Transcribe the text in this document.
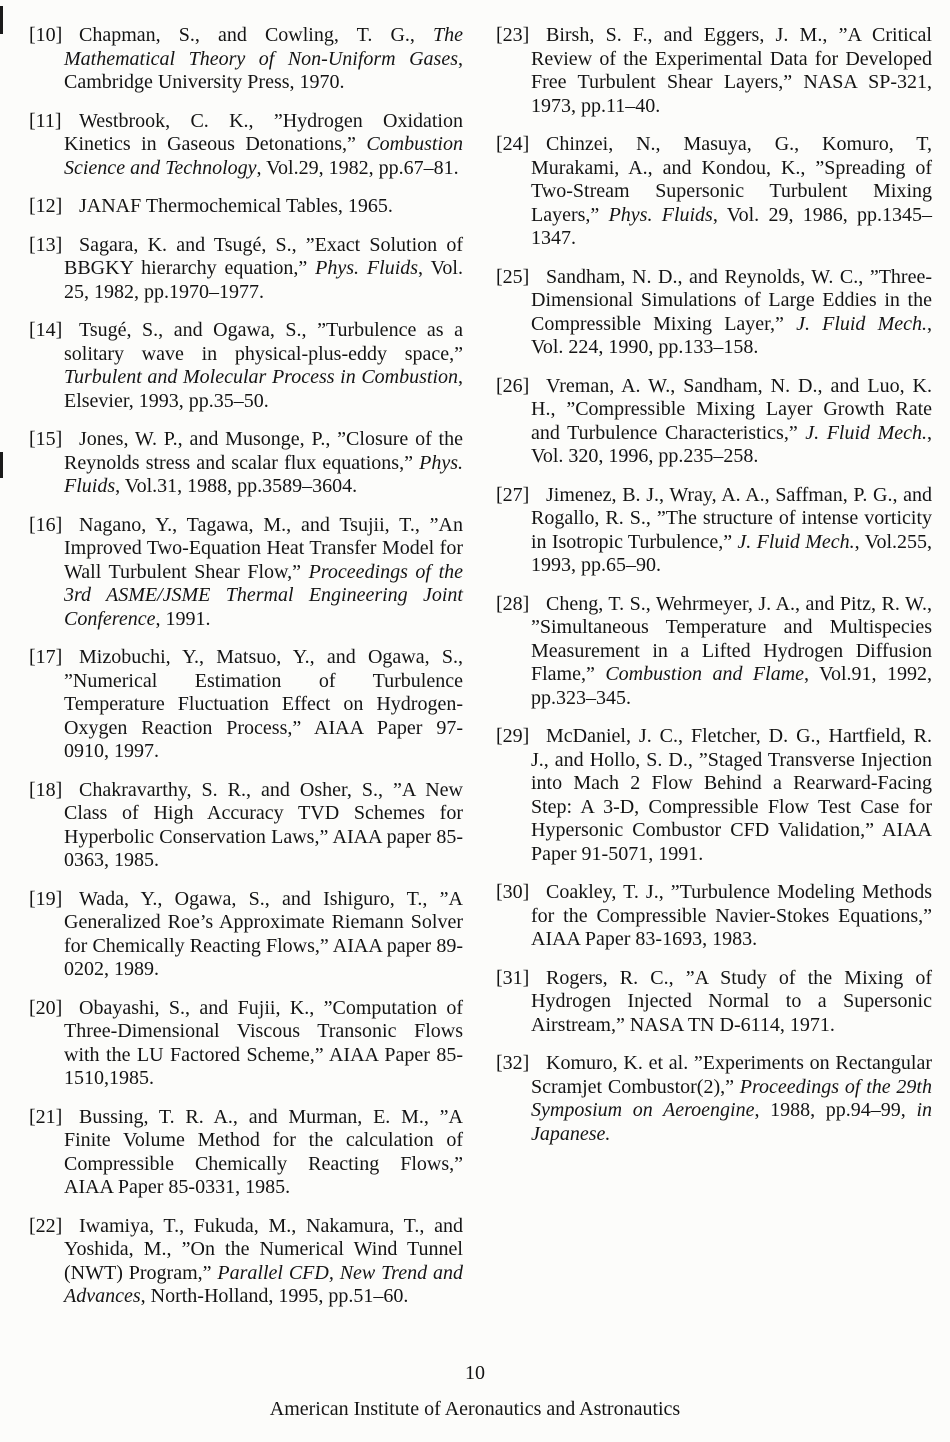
[10] Chapman, S., and Cowling, T. G., The Mathematical Theory of Non-Uniform Gases, Cambridge University Press, 1970.
[11] Westbrook, C. K., ”Hydrogen Oxidation Kinetics in Gaseous Detonations,” Combustion Science and Technology, Vol.29, 1982, pp.67–81.
[12] JANAF Thermochemical Tables, 1965.
[13] Sagara, K. and Tsugé, S., ”Exact Solution of BBGKY hierarchy equation,” Phys. Fluids, Vol. 25, 1982, pp.1970–1977.
[14] Tsugé, S., and Ogawa, S., ”Turbulence as a solitary wave in physical-plus-eddy space,” Turbulent and Molecular Process in Combustion, Elsevier, 1993, pp.35–50.
[15] Jones, W. P., and Musonge, P., ”Closure of the Reynolds stress and scalar flux equations,” Phys. Fluids, Vol.31, 1988, pp.3589–3604.
[16] Nagano, Y., Tagawa, M., and Tsujii, T., ”An Improved Two-Equation Heat Transfer Model for Wall Turbulent Shear Flow,” Proceedings of the 3rd ASME/JSME Thermal Engineering Joint Conference, 1991.
[17] Mizobuchi, Y., Matsuo, Y., and Ogawa, S., ”Numerical Estimation of Turbulence Temperature Fluctuation Effect on Hydrogen-Oxygen Reaction Process,” AIAA Paper 97-0910, 1997.
[18] Chakravarthy, S. R., and Osher, S., ”A New Class of High Accuracy TVD Schemes for Hyperbolic Conservation Laws,” AIAA paper 85-0363, 1985.
[19] Wada, Y., Ogawa, S., and Ishiguro, T., ”A Generalized Roe’s Approximate Riemann Solver for Chemically Reacting Flows,” AIAA paper 89-0202, 1989.
[20] Obayashi, S., and Fujii, K., ”Computation of Three-Dimensional Viscous Transonic Flows with the LU Factored Scheme,” AIAA Paper 85-1510,1985.
[21] Bussing, T. R. A., and Murman, E. M., ”A Finite Volume Method for the calculation of Compressible Chemically Reacting Flows,” AIAA Paper 85-0331, 1985.
[22] Iwamiya, T., Fukuda, M., Nakamura, T., and Yoshida, M., ”On the Numerical Wind Tunnel (NWT) Program,” Parallel CFD, New Trend and Advances, North-Holland, 1995, pp.51–60.
[23] Birsh, S. F., and Eggers, J. M., ”A Critical Review of the Experimental Data for Developed Free Turbulent Shear Layers,” NASA SP-321, 1973, pp.11–40.
[24] Chinzei, N., Masuya, G., Komuro, T, Murakami, A., and Kondou, K., ”Spreading of Two-Stream Supersonic Turbulent Mixing Layers,” Phys. Fluids, Vol. 29, 1986, pp.1345–1347.
[25] Sandham, N. D., and Reynolds, W. C., ”Three-Dimensional Simulations of Large Eddies in the Compressible Mixing Layer,” J. Fluid Mech., Vol. 224, 1990, pp.133–158.
[26] Vreman, A. W., Sandham, N. D., and Luo, K. H., ”Compressible Mixing Layer Growth Rate and Turbulence Characteristics,” J. Fluid Mech., Vol. 320, 1996, pp.235–258.
[27] Jimenez, B. J., Wray, A. A., Saffman, P. G., and Rogallo, R. S., ”The structure of intense vorticity in Isotropic Turbulence,” J. Fluid Mech., Vol.255, 1993, pp.65–90.
[28] Cheng, T. S., Wehrmeyer, J. A., and Pitz, R. W., ”Simultaneous Temperature and Multispecies Measurement in a Lifted Hydrogen Diffusion Flame,” Combustion and Flame, Vol.91, 1992, pp.323–345.
[29] McDaniel, J. C., Fletcher, D. G., Hartfield, R. J., and Hollo, S. D., ”Staged Transverse Injection into Mach 2 Flow Behind a Rearward-Facing Step: A 3-D, Compressible Flow Test Case for Hypersonic Combustor CFD Validation,” AIAA Paper 91-5071, 1991.
[30] Coakley, T. J., ”Turbulence Modeling Methods for the Compressible Navier-Stokes Equations,” AIAA Paper 83-1693, 1983.
[31] Rogers, R. C., ”A Study of the Mixing of Hydrogen Injected Normal to a Supersonic Airstream,” NASA TN D-6114, 1971.
[32] Komuro, K. et al. ”Experiments on Rectangular Scramjet Combustor(2),” Proceedings of the 29th Symposium on Aeroengine, 1988, pp.94–99, in Japanese.
10
American Institute of Aeronautics and Astronautics
